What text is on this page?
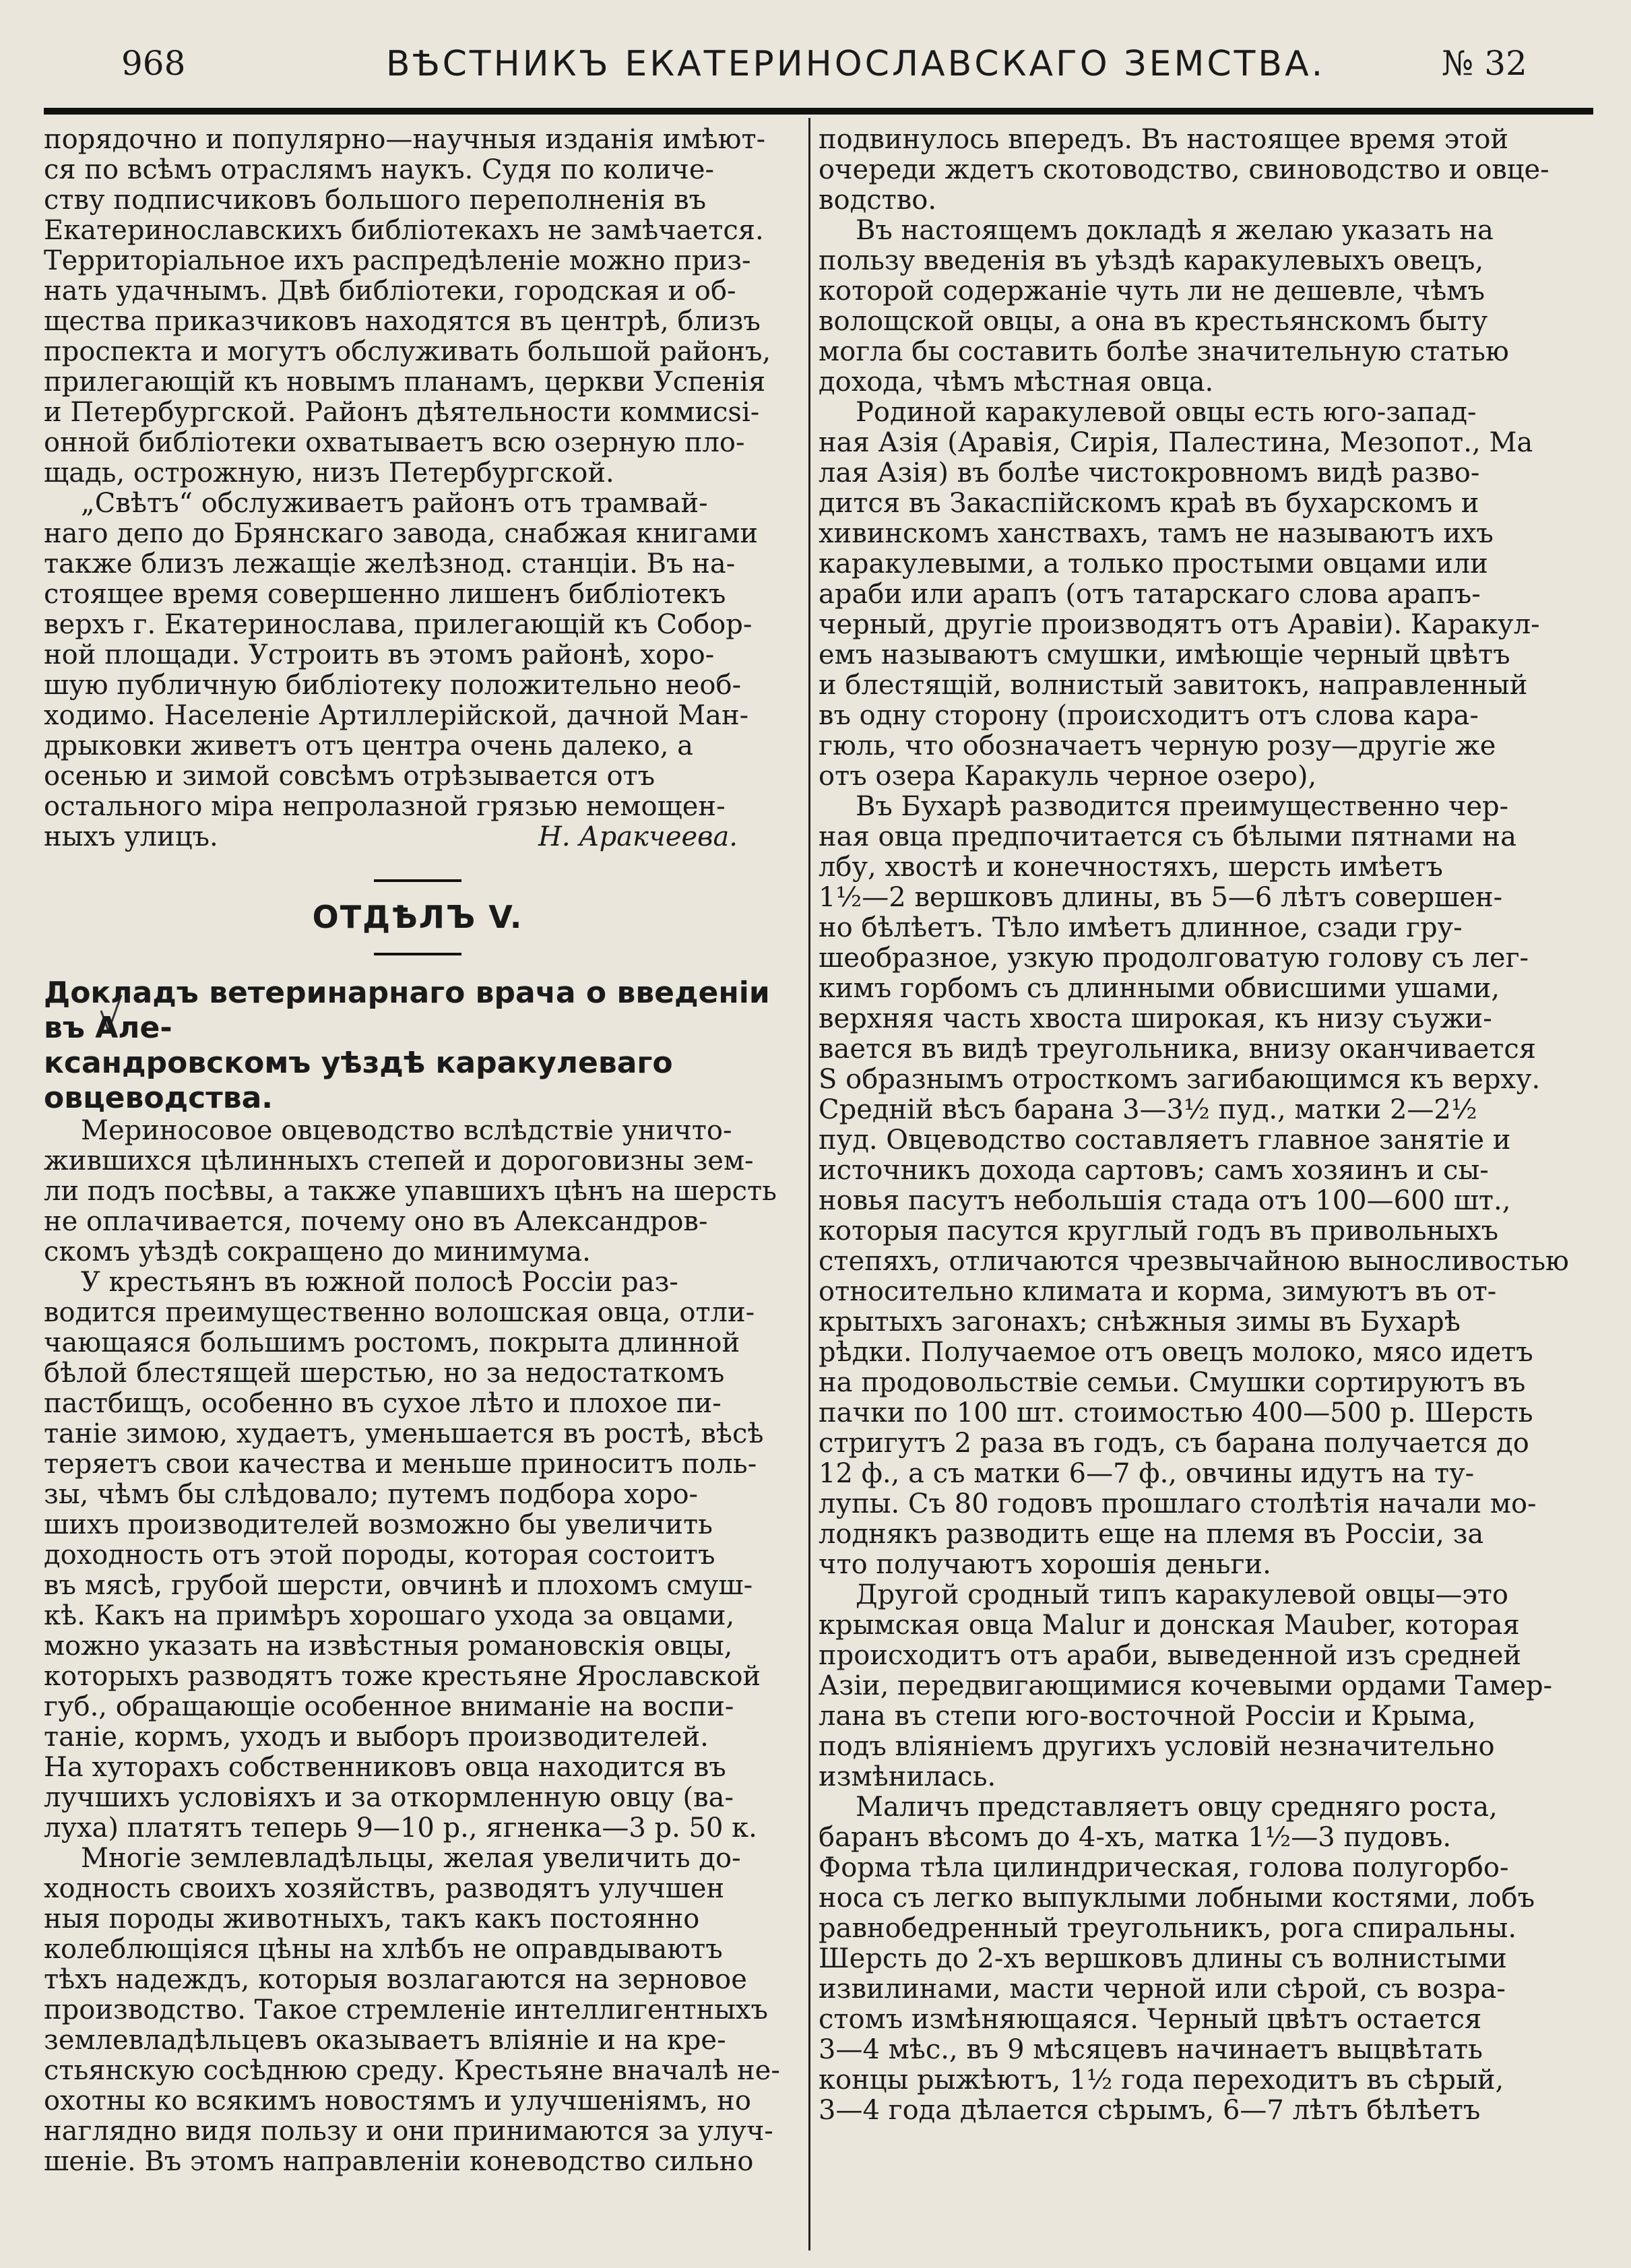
968	ВѢСТНИКЪ ЕКАТЕРИНОСЛАВСКАГО ЗЕМСТВА.	№ 32

порядочно и популярно—научныя изданія имѣют-
ся по всѣмъ отраслямъ наукъ. Судя по количе-
ству подписчиковъ большого переполненія въ
Екатеринославскихъ библіотекахъ не замѣчается.
Территоріальное ихъ распредѣленіе можно приз-
нать удачнымъ. Двѣ библіотеки, городская и об-
щества приказчиковъ находятся въ центрѣ, близъ
проспекта и могутъ обслуживать большой районъ,
прилегающій къ новымъ планамъ, церкви Успенія
и Петербургской. Районъ дѣятельности коммисsі-
онной библіотеки охватываетъ всю озерную пло-
щадь, острожную, низъ Петербургской.

„Свѣтъ“ обслуживаетъ районъ отъ трамвай-
наго депо до Брянскаго завода, снабжая книгами
также близъ лежащіе желѣзнод. станціи. Въ на-
стоящее время совершенно лишенъ библіотекъ
верхъ г. Екатеринослава, прилегающій къ Собор-
ной площади. Устроить въ этомъ районѣ, хоро-
шую публичную библіотеку положительно необ-
ходимо. Населеніе Артиллерійской, дачной Ман-
дрыковки живетъ отъ центра очень далеко, а
осенью и зимой совсѣмъ отрѣзывается отъ
остального міра непролазной грязью немощен-
ныхъ улицъ.	Н. Аракчеева.

ОТДѢЛЪ V.

Докладъ ветеринарнаго врача о введеніи въ Але-
ксандровскомъ уѣздѣ каракулеваго овцеводства.

Мериносовое овцеводство вслѣдствіе уничто-
жившихся цѣлинныхъ степей и дороговизны зем-
ли подъ посѣвы, а также упавшихъ цѣнъ на шерсть
не оплачивается, почему оно въ Александров-
скомъ уѣздѣ сокращено до минимума.

У крестьянъ въ южной полосѣ Россіи раз-
водится преимущественно волошская овца, отли-
чающаяся большимъ ростомъ, покрыта длинной
бѣлой блестящей шерстью, но за недостаткомъ
пастбищъ, особенно въ сухое лѣто и плохое пи-
таніе зимою, худаетъ, уменьшается въ ростѣ, вѣсѣ
теряетъ свои качества и меньше приноситъ поль-
зы, чѣмъ бы слѣдовало; путемъ подбора хоро-
шихъ производителей возможно бы увеличить
доходность отъ этой породы, которая состоитъ
въ мясѣ, грубой шерсти, овчинѣ и плохомъ смуш-
кѣ. Какъ на примѣръ хорошаго ухода за овцами,
можно указать на извѣстныя романовскія овцы,
которыхъ разводятъ тоже крестьяне Ярославской
губ., обращающіе особенное вниманіе на воспи-
таніе, кормъ, уходъ и выборъ производителей.
На хуторахъ собственниковъ овца находится въ
лучшихъ условіяхъ и за откормленную овцу (ва-
луха) платятъ теперь 9—10 р., ягненка—3 р. 50 к.

Многіе землевладѣльцы, желая увеличить до-
ходность своихъ хозяйствъ, разводятъ улучшен
ныя породы животныхъ, такъ какъ постоянно
колеблющіяся цѣны на хлѣбъ не оправдываютъ
тѣхъ надеждъ, которыя возлагаются на зерновое
производство. Такое стремленіе интеллигентныхъ
землевладѣльцевъ оказываетъ вліяніе и на кре-
стьянскую сосѣднюю среду. Крестьяне вначалѣ не-
охотны ко всякимъ новостямъ и улучшеніямъ, но
наглядно видя пользу и они принимаются за улуч-
шеніе. Въ этомъ направленіи коневодство сильно

подвинулось впередъ. Въ настоящее время этой
очереди ждетъ скотоводство, свиноводство и овце-
водство.

Въ настоящемъ докладѣ я желаю указать на
пользу введенія въ уѣздѣ каракулевыхъ овецъ,
которой содержаніе чуть ли не дешевле, чѣмъ
волощской овцы, а она въ крестьянскомъ быту
могла бы составить болѣе значительную статью
дохода, чѣмъ мѣстная овца.

Родиной каракулевой овцы есть юго-запад-
ная Азія (Аравія, Сирія, Палестина, Мезопот., Ма
лая Азія) въ болѣе чистокровномъ видѣ разво-
дится въ Закаспійскомъ краѣ въ бухарскомъ и
хивинскомъ ханствахъ, тамъ не называютъ ихъ
каракулевыми, а только простыми овцами или
араби или арапъ (отъ татарскаго слова арапъ-
черный, другіе производятъ отъ Аравіи). Каракул-
емъ называютъ смушки, имѣющіе черный цвѣтъ
и блестящій, волнистый завитокъ, направленный
въ одну сторону (происходитъ отъ слова кара-
гюль, что обозначаетъ черную розу—другіе же
отъ озера Каракуль черное озеро),

Въ Бухарѣ разводится преимущественно чер-
ная овца предпочитается съ бѣлыми пятнами на
лбу, хвостѣ и конечностяхъ, шерсть имѣетъ
1½—2 вершковъ длины, въ 5—6 лѣтъ совершен-
но бѣлѣетъ. Тѣло имѣетъ длинное, сзади гру-
шеобразное, узкую продолговатую голову съ лег-
кимъ горбомъ съ длинными обвисшими ушами,
верхняя часть хвоста широкая, къ низу съужи-
вается въ видѣ треугольника, внизу оканчивается
S образнымъ отросткомъ загибающимся къ верху.
Средній вѣсъ барана 3—3½ пуд., матки 2—2½
пуд. Овцеводство составляетъ главное занятіе и
источникъ дохода сартовъ; самъ хозяинъ и сы-
новья пасутъ небольшія стада отъ 100—600 шт.,
которыя пасутся круглый годъ въ привольныхъ
степяхъ, отличаются чрезвычайною выносливостью
относительно климата и корма, зимуютъ въ от-
крытыхъ загонахъ; снѣжныя зимы въ Бухарѣ
рѣдки. Получаемое отъ овецъ молоко, мясо идетъ
на продовольствіе семьи. Смушки сортируютъ въ
пачки по 100 шт. стоимостью 400—500 р. Шерсть
стригутъ 2 раза въ годъ, съ барана получается до
12 ф., а съ матки 6—7 ф., овчины идутъ на ту-
лупы. Съ 80 годовъ прошлаго столѣтія начали мо-
лоднякъ разводить еще на племя въ Россіи, за
что получаютъ хорошія деньги.

Другой сродный типъ каракулевой овцы—это
крымская овца Malur и донская Mauber, которая
происходитъ отъ араби, выведенной изъ средней
Азіи, передвигающимися кочевыми ордами Тамер-
лана въ степи юго-восточной Россіи и Крыма,
подъ вліяніемъ другихъ условій незначительно
измѣнилась.

Маличъ представляетъ овцу средняго роста,
баранъ вѣсомъ до 4-хъ, матка 1½—3 пудовъ.
Форма тѣла цилиндрическая, голова полугорбо-
носа съ легко выпуклыми лобными костями, лобъ
равнобедренный треугольникъ, рога спиральны.
Шерсть до 2-хъ вершковъ длины съ волнистыми
извилинами, масти черной или сѣрой, съ возра-
стомъ измѣняющаяся. Черный цвѣтъ остается
3—4 мѣс., въ 9 мѣсяцевъ начинаетъ выцвѣтать
концы рыжѣютъ, 1½ года переходитъ въ сѣрый,
3—4 года дѣлается сѣрымъ, 6—7 лѣтъ бѣлѣетъ
